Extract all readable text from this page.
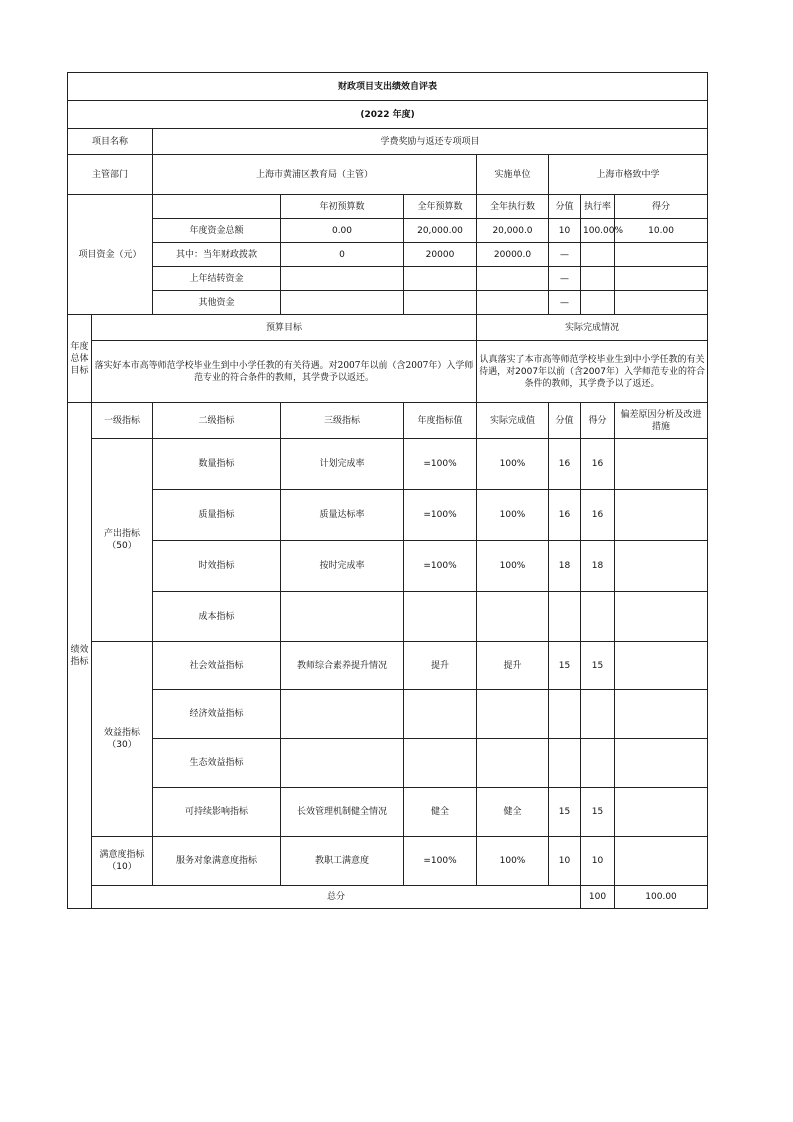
财政项目支出绩效自评表									
(2022 年度)									
项目名称		学费奖励与返还专项项目							
主管部门		上海市黄浦区教育局（主管）			实施单位	上海市格致中学			
项目资金（元）			年初预算数	全年预算数	全年执行数	分值	执行率	得分	
		年度资金总额	0.00	20,000.00	20,000.0	10	100.00%	10.00	
		其中：当年财政拨款	0	20000	20000.0	—			
		上年结转资金				—			
		其他资金				—			
年度总体目标	预算目标				实际完成情况				
	落实好本市高等师范学校毕业生到中小学任教的有关待遇。对2007年以前（含2007年）入学师范专业的符合条件的教师，其学费予以返还。				认真落实了本市高等师范学校毕业生到中小学任教的有关待遇，对2007年以前（含2007年）入学师范专业的符合条件的教师，其学费予以了返还。				
绩效指标	一级指标	二级指标	三级指标	年度指标值	实际完成值	分值	得分	偏差原因分析及改进措施	
	产出指标（50）	数量指标	计划完成率	=100%	100%	16	16		
		质量指标	质量达标率	=100%	100%	16	16		
		时效指标	按时完成率	=100%	100%	18	18		
		成本指标							
	效益指标（30）	社会效益指标	教师综合素养提升情况	提升	提升	15	15		
		经济效益指标							
		生态效益指标							
		可持续影响指标	长效管理机制健全情况	健全	健全	15	15		
	满意度指标（10）	服务对象满意度指标	教职工满意度	=100%	100%	10	10		
	总分						100	100.00	
